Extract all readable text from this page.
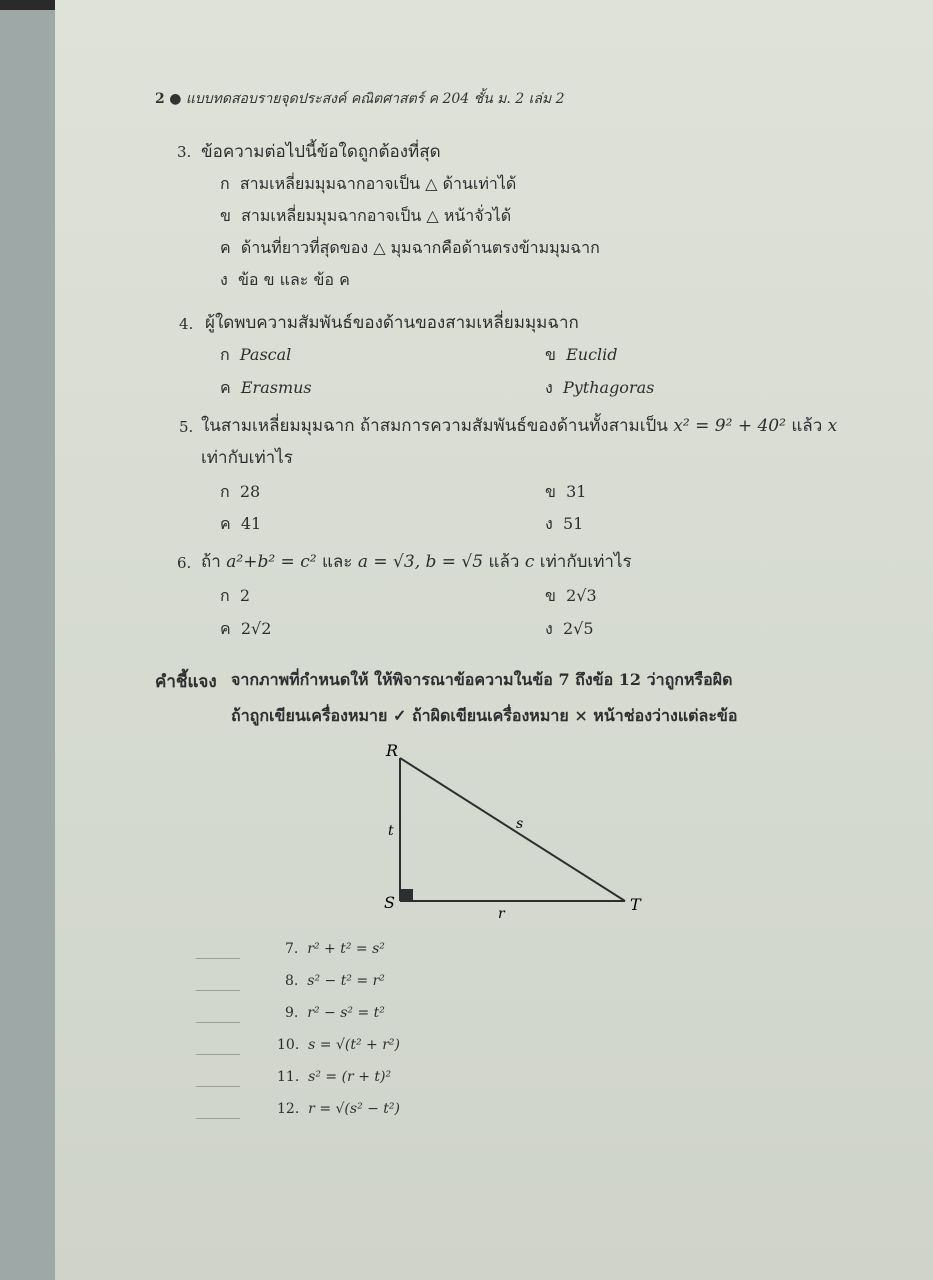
2 ● แบบทดสอบรายจุดประสงค์ คณิตศาสตร์ ค 204 ชั้น ม. 2 เล่ม 2
3. ข้อความต่อไปนี้ข้อใดถูกต้องที่สุด
ก สามเหลี่ยมมุมฉากอาจเป็น △ ด้านเท่าได้
ข สามเหลี่ยมมุมฉากอาจเป็น △ หน้าจั่วได้
ค ด้านที่ยาวที่สุดของ △ มุมฉากคือด้านตรงข้ามมุมฉาก
ง ข้อ ข และ ข้อ ค
4. ผู้ใดพบความสัมพันธ์ของด้านของสามเหลี่ยมมุมฉาก
ก Pascal	ข Euclid
ค Erasmus	ง Pythagoras
5. ในสามเหลี่ยมมุมฉาก ถ้าสมการความสัมพันธ์ของด้านทั้งสามเป็น x² = 9² + 40² แล้ว x
เท่ากับเท่าไร
ก 28	ข 31
ค 41	ง 51
6. ถ้า a²+b² = c² และ a = √3, b = √5 แล้ว c เท่ากับเท่าไร
ก 2	ข 2√3
ค 2√2	ง 2√5
คำชี้แจง จากภาพที่กำหนดให้ ให้พิจารณาข้อความในข้อ 7 ถึงข้อ 12 ว่าถูกหรือผิด
ถ้าถูกเขียนเครื่องหมาย ✓ ถ้าผิดเขียนเครื่องหมาย × หน้าช่องว่างแต่ละข้อ
R
S	T
t	s
r
7. r² + t² = s²
8. s² − t² = r²
9. r² − s² = t²
10. s = √(t² + r²)
11. s² = (r + t)²
12. r = √(s² − t²)
